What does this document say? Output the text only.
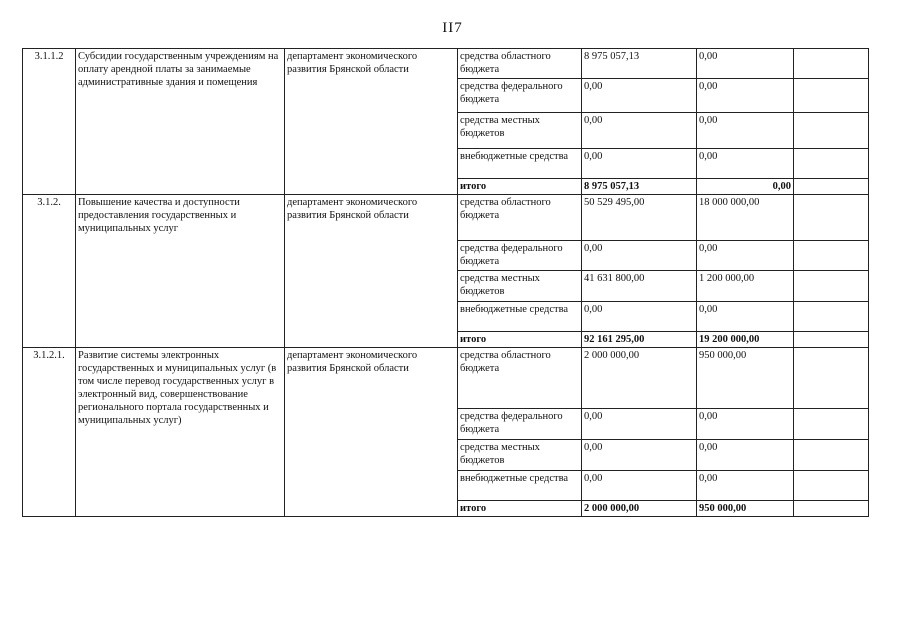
II7
3.1.1.2	Субсидии государственным учреждениям на оплату арендной платы за занимаемые административные здания и помещения	департамент экономического развития Брянской области	средства областного бюджета	8 975 057,13	0,00	
			средства федерального бюджета	0,00	0,00	
			средства местных бюджетов	0,00	0,00	
			внебюджетные средства	0,00	0,00	
			итого	8 975 057,13	0,00	
3.1.2.	Повышение качества и доступности предоставления государственных и муниципальных услуг	департамент экономического развития Брянской области	средства областного бюджета	50 529 495,00	18 000 000,00	
			средства федерального бюджета	0,00	0,00	
			средства местных бюджетов	41 631 800,00	1 200 000,00	
			внебюджетные средства	0,00	0,00	
			итого	92 161 295,00	19 200 000,00	
3.1.2.1.	Развитие системы электронных государственных и муниципальных услуг (в том числе перевод государственных услуг в электронный вид, совершенствование регионального портала государственных и муниципальных услуг)	департамент экономического развития Брянской области	средства областного бюджета	2 000 000,00	950 000,00	
			средства федерального бюджета	0,00	0,00	
			средства местных бюджетов	0,00	0,00	
			внебюджетные средства	0,00	0,00	
			итого	2 000 000,00	950 000,00	
